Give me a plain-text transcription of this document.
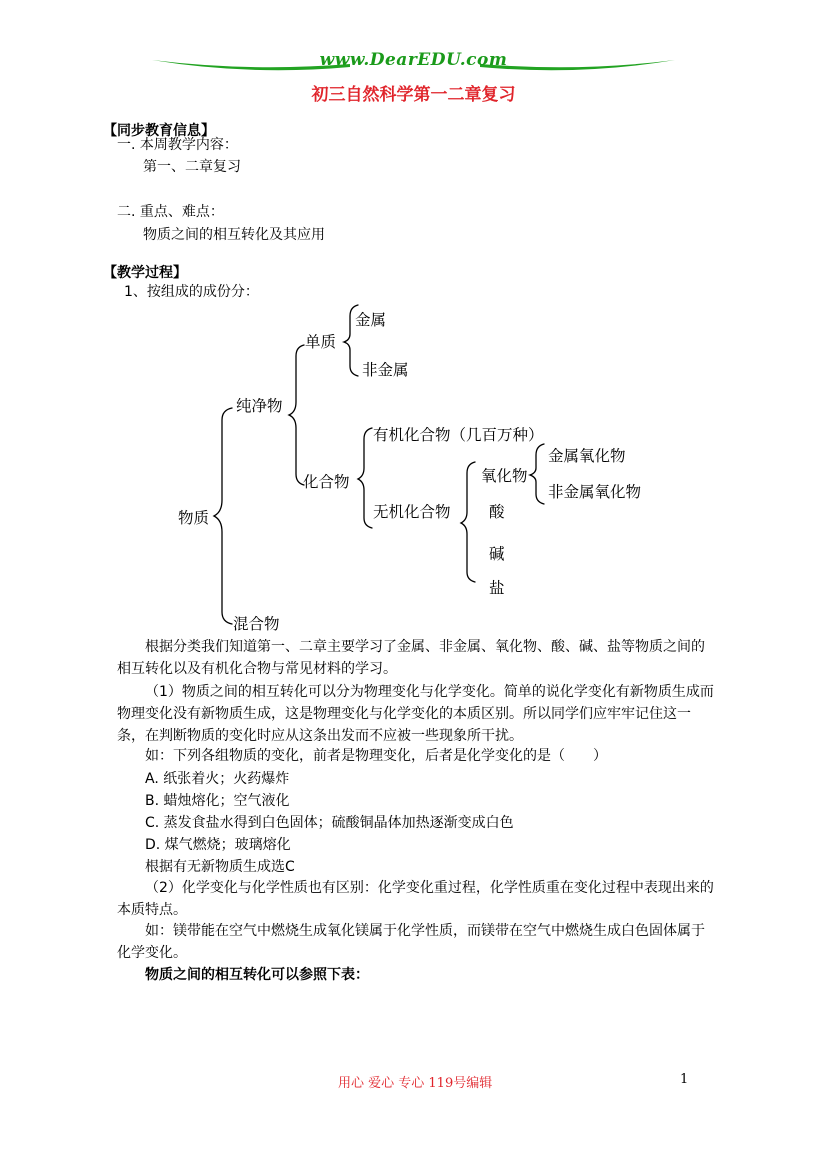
www.DearEDU.com
初三自然科学第一二章复习
【同步教育信息】
一. 本周教学内容：
第一、二章复习
二. 重点、难点：
物质之间的相互转化及其应用
【教学过程】
1、按组成的成份分：
物质
纯净物
混合物
单质
金属
非金属
化合物
有机化合物（几百万种）
无机化合物
氧化物
金属氧化物
非金属氧化物
酸
碱
盐
根据分类我们知道第一、二章主要学习了金属、非金属、氧化物、酸、碱、盐等物质之间的相互转化以及有机化合物与常见材料的学习。
（1）物质之间的相互转化可以分为物理变化与化学变化。简单的说化学变化有新物质生成而物理变化没有新物质生成，这是物理变化与化学变化的本质区别。所以同学们应牢牢记住这一条，在判断物质的变化时应从这条出发而不应被一些现象所干扰。
如：下列各组物质的变化，前者是物理变化，后者是化学变化的是（　　）
A. 纸张着火；火药爆炸
B. 蜡烛熔化；空气液化
C. 蒸发食盐水得到白色固体；硫酸铜晶体加热逐渐变成白色
D. 煤气燃烧；玻璃熔化
根据有无新物质生成选C
（2）化学变化与化学性质也有区别：化学变化重过程，化学性质重在变化过程中表现出来的本质特点。
如：镁带能在空气中燃烧生成氧化镁属于化学性质，而镁带在空气中燃烧生成白色固体属于化学变化。
物质之间的相互转化可以参照下表：
用心 爱心 专心 119号编辑	1
